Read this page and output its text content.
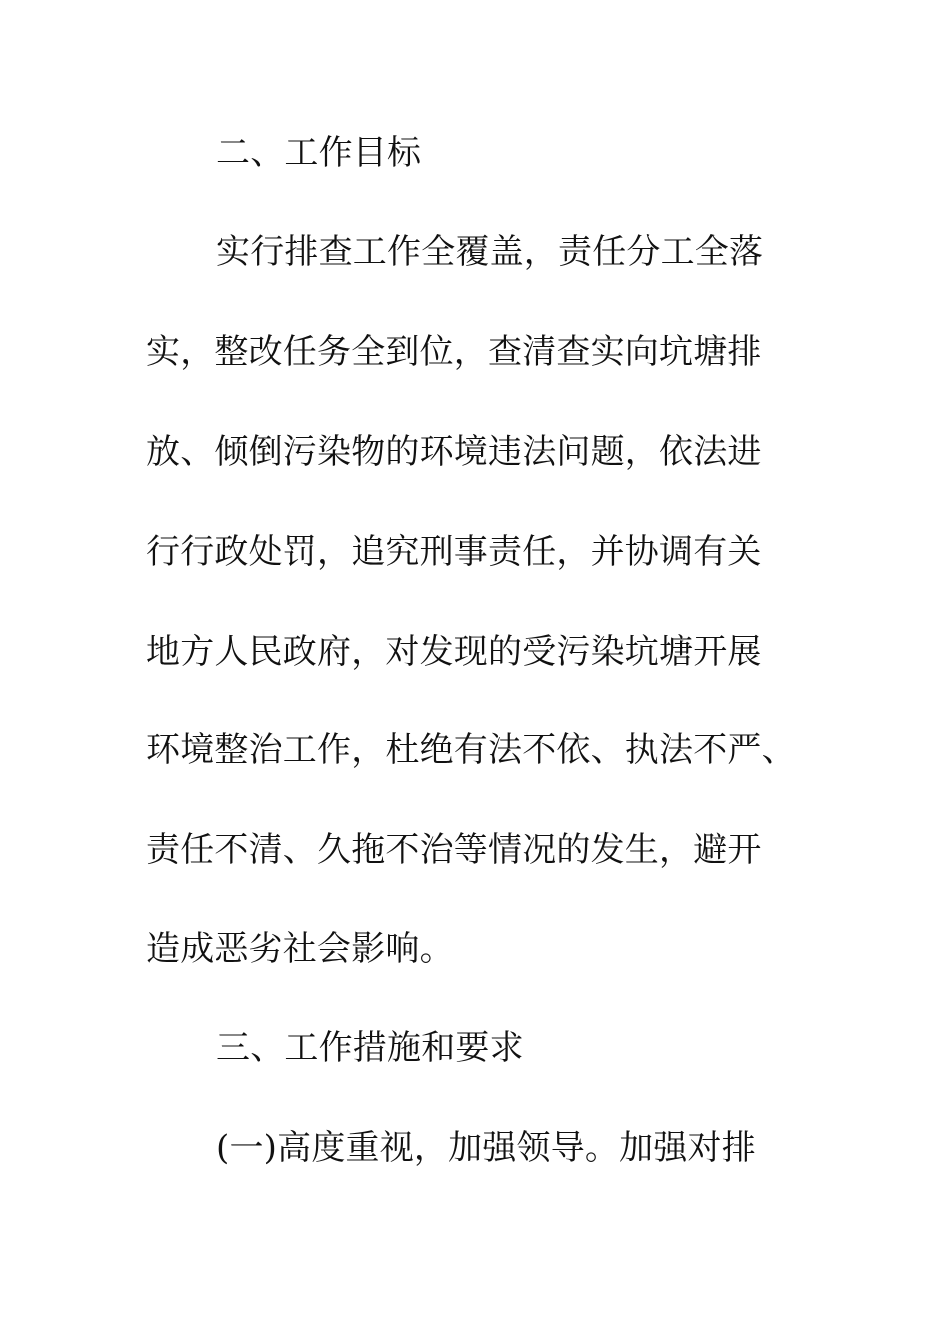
二、工作目标

实行排查工作全覆盖，责任分工全落

实，整改任务全到位，查清查实向坑塘排

放、倾倒污染物的环境违法问题，依法进

行行政处罚，追究刑事责任，并协调有关

地方人民政府，对发现的受污染坑塘开展

环境整治工作，杜绝有法不依、执法不严、

责任不清、久拖不治等情况的发生，避开

造成恶劣社会影响。

三、工作措施和要求

(一)高度重视，加强领导。加强对排
